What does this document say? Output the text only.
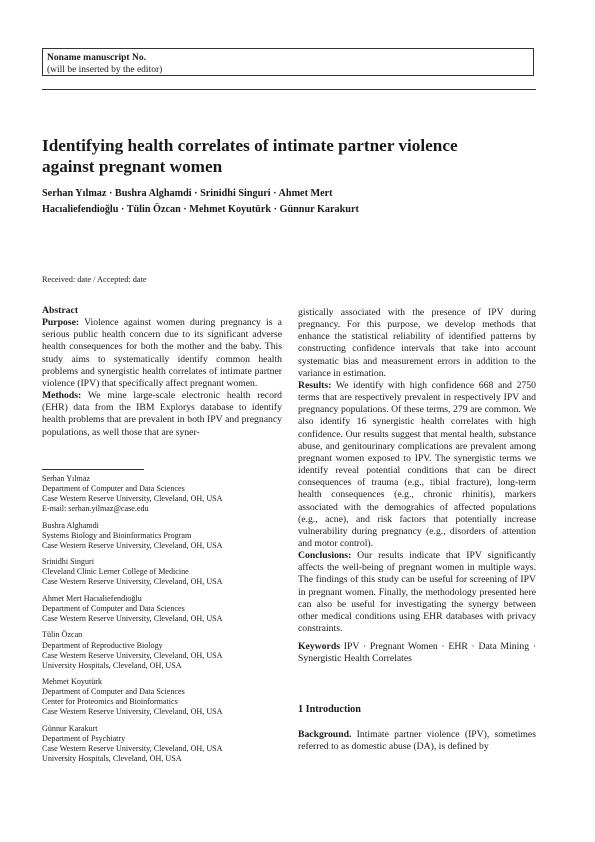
Noname manuscript No.
(will be inserted by the editor)
Identifying health correlates of intimate partner violence
against pregnant women
Serhan Yılmaz · Bushra Alghamdi · Srinidhi Singuri · Ahmet Mert
Hacıaliefendioğlu · Tülin Özcan · Mehmet Koyutürk · Günnur Karakurt
Received: date / Accepted: date
Abstract

Purpose: Violence against women during pregnancy is a serious public health concern due to its significant adverse health consequences for both the mother and the baby. This study aims to systematically identify common health problems and synergistic health correlates of intimate partner violence (IPV) that specifically affect pregnant women.

Methods: We mine large-scale electronic health record (EHR) data from the IBM Explorys database to identify health problems that are prevalent in both IPV and pregnancy populations, as well those that are syner-

Serhan Yılmaz
Department of Computer and Data Sciences
Case Western Reserve University, Cleveland, OH, USA
E-mail: serhan.yilmaz@case.edu
Bushra Alghamdi
Systems Biology and Bioinformatics Program
Case Western Reserve University, Cleveland, OH, USA
Srinidhi Singuri
Cleveland Clinic Lerner College of Medicine
Case Western Reserve University, Cleveland, OH, USA
Ahmet Mert Hacıaliefendioğlu
Department of Computer and Data Sciences
Case Western Reserve University, Cleveland, OH, USA
Tülin Özcan
Department of Reproductive Biology
Case Western Reserve University, Cleveland, OH, USA
University Hospitals, Cleveland, OH, USA
Mehmet Koyutürk
Department of Computer and Data Sciences
Center for Proteomics and Bioinformatics
Case Western Reserve University, Cleveland, OH, USA
Günnur Karakurt
Department of Psychiatry
Case Western Reserve University, Cleveland, OH, USA
University Hospitals, Cleveland, OH, USA

gistically associated with the presence of IPV during pregnancy. For this purpose, we develop methods that enhance the statistical reliability of identified patterns by constructing confidence intervals that take into account systematic bias and measurement errors in addition to the variance in estimation.

Results: We identify with high confidence 668 and 2750 terms that are respectively prevalent in respectively IPV and pregnancy populations. Of these terms, 279 are common. We also identify 16 synergistic health correlates with high confidence. Our results suggest that mental health, substance abuse, and genitourinary complications are prevalent among pregnant women exposed to IPV. The synergistic terms we identify reveal potential conditions that can be direct consequences of trauma (e.g., tibial fracture), long-term health consequences (e.g., chronic rhinitis), markers associated with the demograhics of affected populations (e.g., acne), and risk factors that potentially increase vulnerability during pregnancy (e.g., disorders of attention and motor control).

Conclusions: Our results indicate that IPV significantly affects the well-being of pregnant women in multiple ways. The findings of this study can be useful for screening of IPV in pregnant women. Finally, the methodology presented here can also be useful for investigating the synergy between other medical conditions using EHR databases with privacy constraints.

Keywords IPV · Pregnant Women · EHR · Data Mining · Synergistic Health Correlates

1 Introduction

Background. Intimate partner violence (IPV), sometimes referred to as domestic abuse (DA), is defined by
